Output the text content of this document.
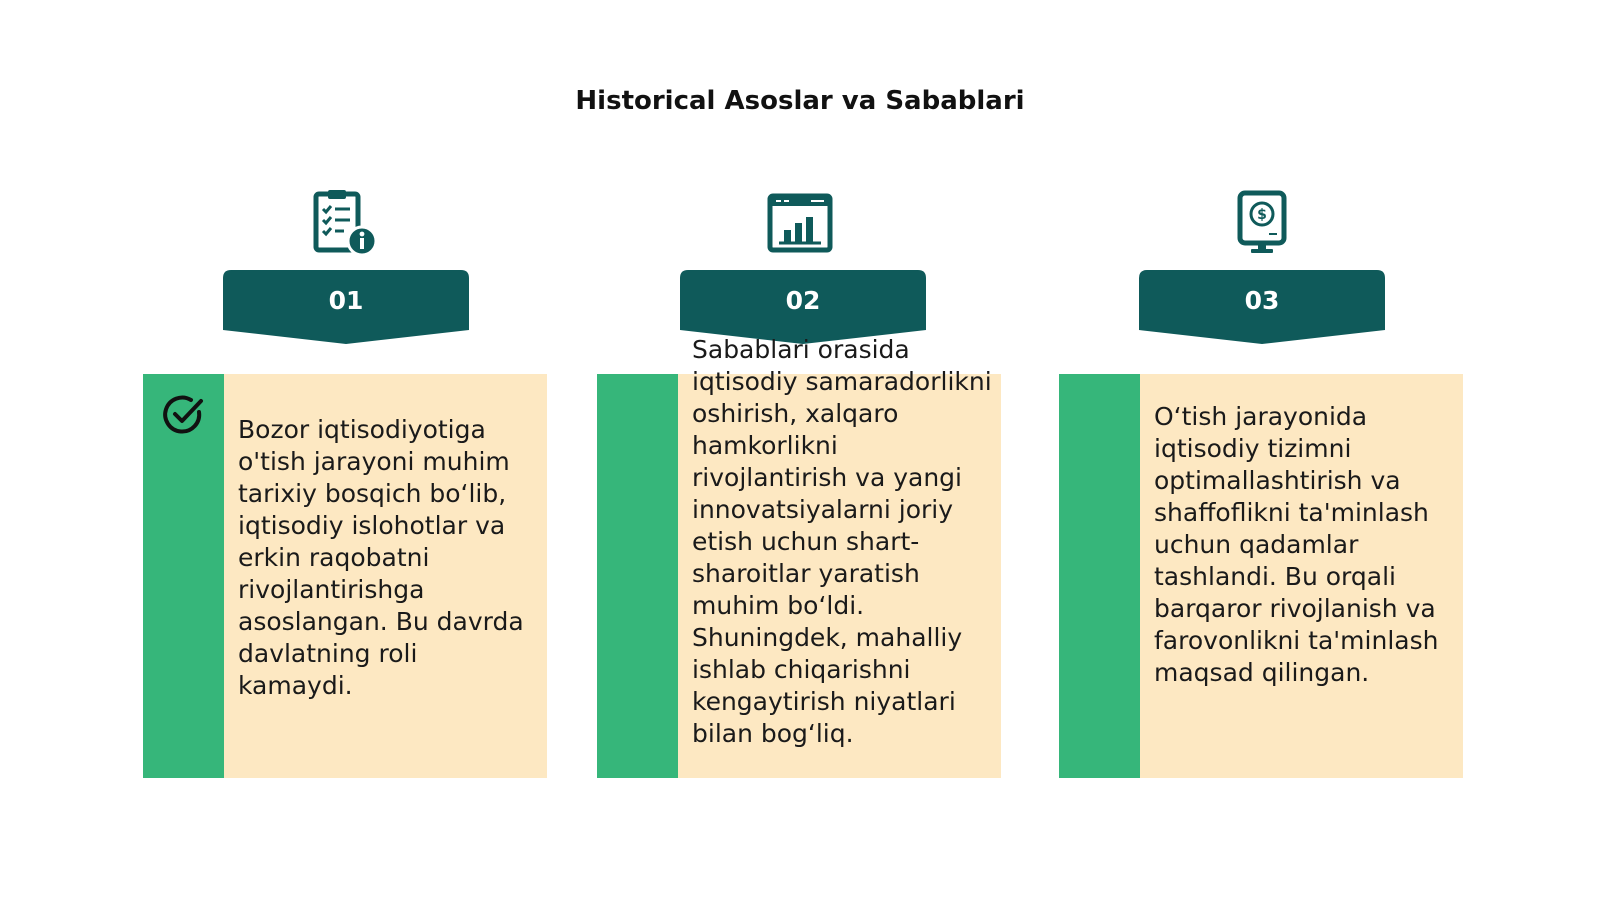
Historical Asoslar va Sabablari
01
Bozor iqtisodiyotiga o'tish jarayoni muhim tarixiy bosqich bo‘lib, iqtisodiy islohotlar va erkin raqobatni rivojlantirishga asoslangan. Bu davrda davlatning roli kamaydi.
02
Sabablari orasida iqtisodiy samaradorlikni oshirish, xalqaro hamkorlikni rivojlantirish va yangi innovatsiyalarni joriy etish uchun shart-sharoitlar yaratish muhim bo‘ldi. Shuningdek, mahalliy ishlab chiqarishni kengaytirish niyatlari bilan bog‘liq.
$
03
O‘tish jarayonida iqtisodiy tizimni optimallashtirish va shaffoflikni ta'minlash uchun qadamlar tashlandi. Bu orqali barqaror rivojlanish va farovonlikni ta'minlash maqsad qilingan.
